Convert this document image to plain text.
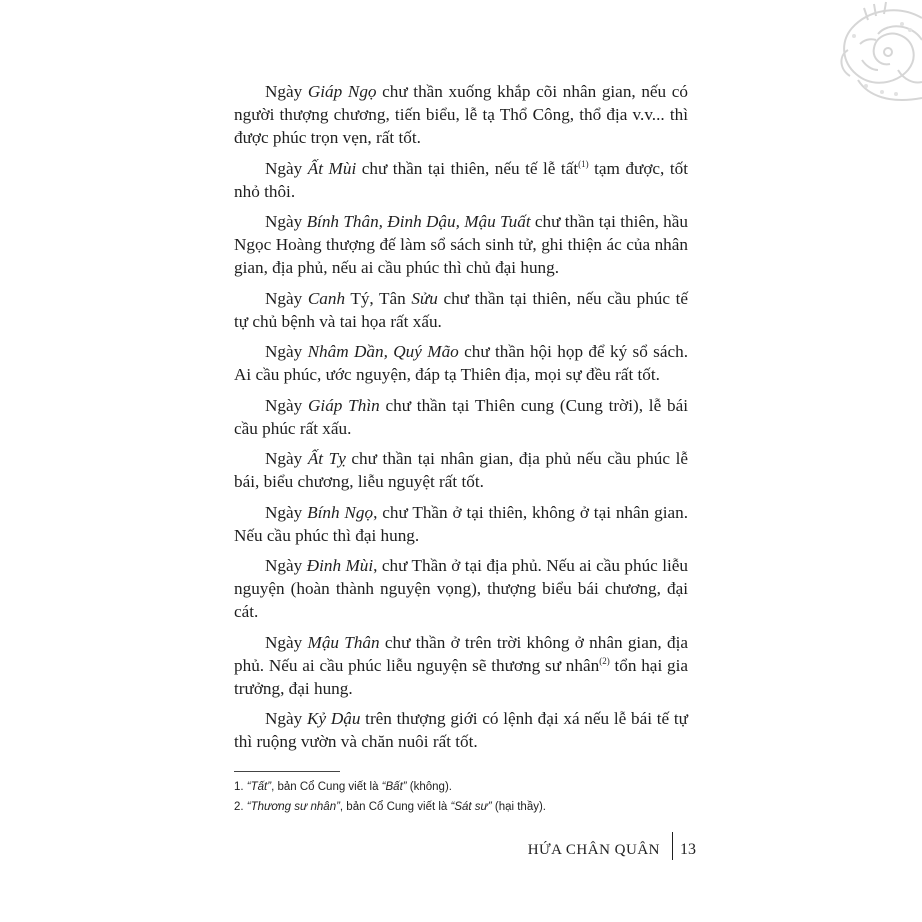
Ngày Giáp Ngọ chư thần xuống khắp cõi nhân gian, nếu có người thượng chương, tiến biểu, lễ tạ Thổ Công, thổ địa v.v... thì được phúc trọn vẹn, rất tốt.

Ngày Ất Mùi chư thần tại thiên, nếu tế lễ tất$^{(1)}$ tạm được, tốt nhỏ thôi.

Ngày Bính Thân, Đinh Dậu, Mậu Tuất chư thần tại thiên, hầu Ngọc Hoàng thượng đế làm sổ sách sinh tử, ghi thiện ác của nhân gian, địa phủ, nếu ai cầu phúc thì chủ đại hung.

Ngày Canh Tý, Tân Sửu chư thần tại thiên, nếu cầu phúc tế tự chủ bệnh và tai họa rất xấu.

Ngày Nhâm Dần, Quý Mão chư thần hội họp để ký sổ sách. Ai cầu phúc, ước nguyện, đáp tạ Thiên địa, mọi sự đều rất tốt.

Ngày Giáp Thìn chư thần tại Thiên cung (Cung trời), lễ bái cầu phúc rất xấu.

Ngày Ất Tỵ chư thần tại nhân gian, địa phủ nếu cầu phúc lễ bái, biểu chương, liễu nguyệt rất tốt.

Ngày Bính Ngọ, chư Thần ở tại thiên, không ở tại nhân gian. Nếu cầu phúc thì đại hung.

Ngày Đinh Mùi, chư Thần ở tại địa phủ. Nếu ai cầu phúc liễu nguyện (hoàn thành nguyện vọng), thượng biểu bái chương, đại cát.

Ngày Mậu Thân chư thần ở trên trời không ở nhân gian, địa phủ. Nếu ai cầu phúc liễu nguyện sẽ thương sư nhân$^{(2)}$ tổn hại gia trưởng, đại hung.

Ngày Kỷ Dậu trên thượng giới có lệnh đại xá nếu lễ bái tế tự thì ruộng vườn và chăn nuôi rất tốt.

1. “Tất”, bản Cổ Cung viết là “Bất” (không).

2. “Thương sư nhân”, bản Cổ Cung viết là “Sát sư” (hại thầy).

HỨA CHÂN QUÂN 13
